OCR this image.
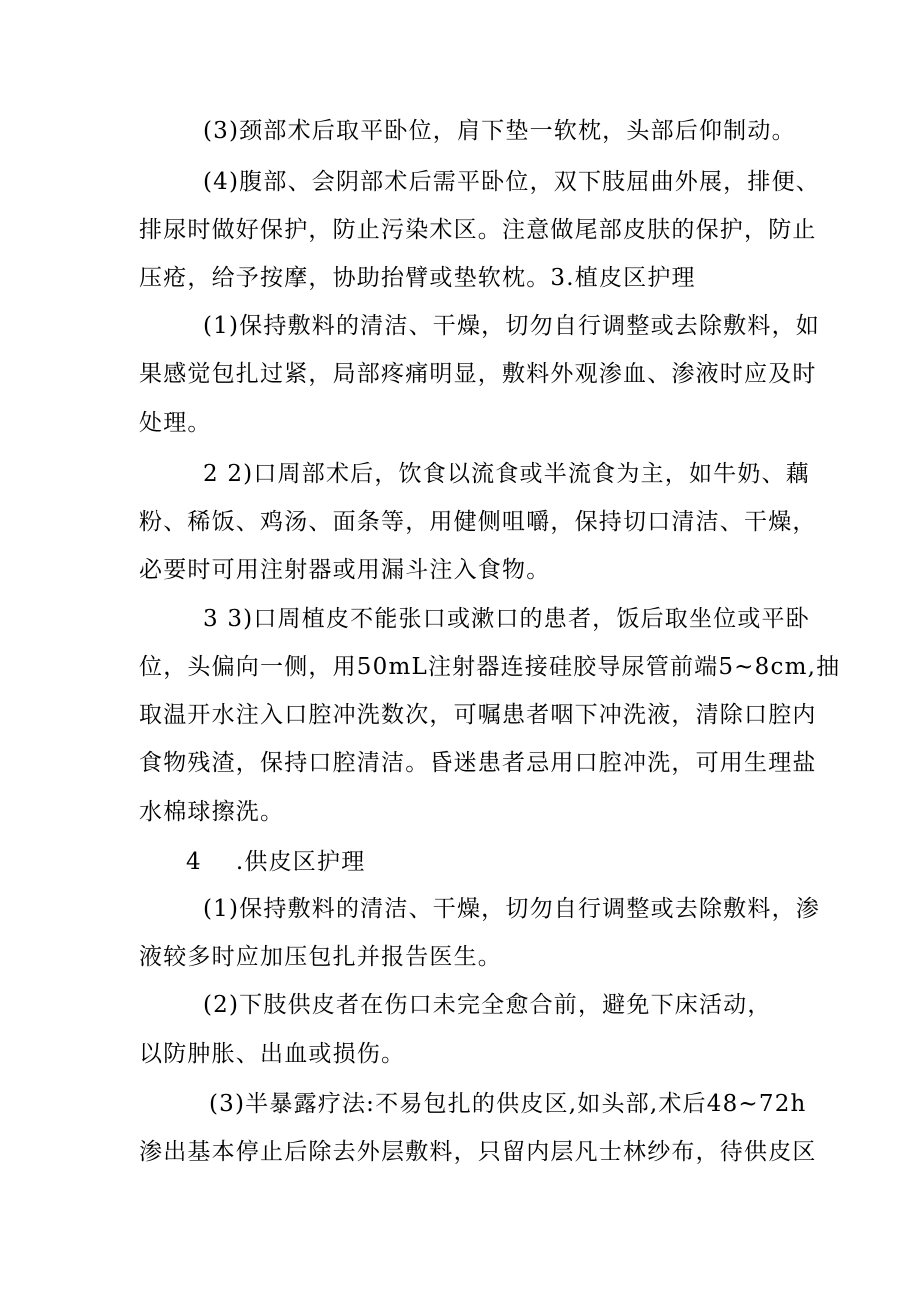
(3)颈部术后取平卧位，肩下垫一软枕，头部后仰制动。
(4)腹部、会阴部术后需平卧位，双下肢屈曲外展，排便、
排尿时做好保护，防止污染术区。注意做尾部皮肤的保护，防止
压疮，给予按摩，协助抬臂或垫软枕。3.植皮区护理
(1)保持敷料的清洁、干燥，切勿自行调整或去除敷料，如
果感觉包扎过紧，局部疼痛明显，敷料外观渗血、渗液时应及时
处理。
2 2)口周部术后，饮食以流食或半流食为主，如牛奶、藕
粉、稀饭、鸡汤、面条等，用健侧咀嚼，保持切口清洁、干燥，
必要时可用注射器或用漏斗注入食物。
3 3)口周植皮不能张口或漱口的患者，饭后取坐位或平卧
位，头偏向一侧，用50mL注射器连接硅胶导尿管前端5~8cm,抽
取温开水注入口腔冲洗数次，可嘱患者咽下冲洗液，清除口腔内
食物残渣，保持口腔清洁。昏迷患者忌用口腔冲洗，可用生理盐
水棉球擦洗。
4    .供皮区护理
(1)保持敷料的清洁、干燥，切勿自行调整或去除敷料，渗
液较多时应加压包扎并报告医生。
(2)下肢供皮者在伤口未完全愈合前，避免下床活动，
以防肿胀、出血或损伤。
(3)半暴露疗法:不易包扎的供皮区,如头部,术后48~72h
渗出基本停止后除去外层敷料，只留内层凡士林纱布，待供皮区
